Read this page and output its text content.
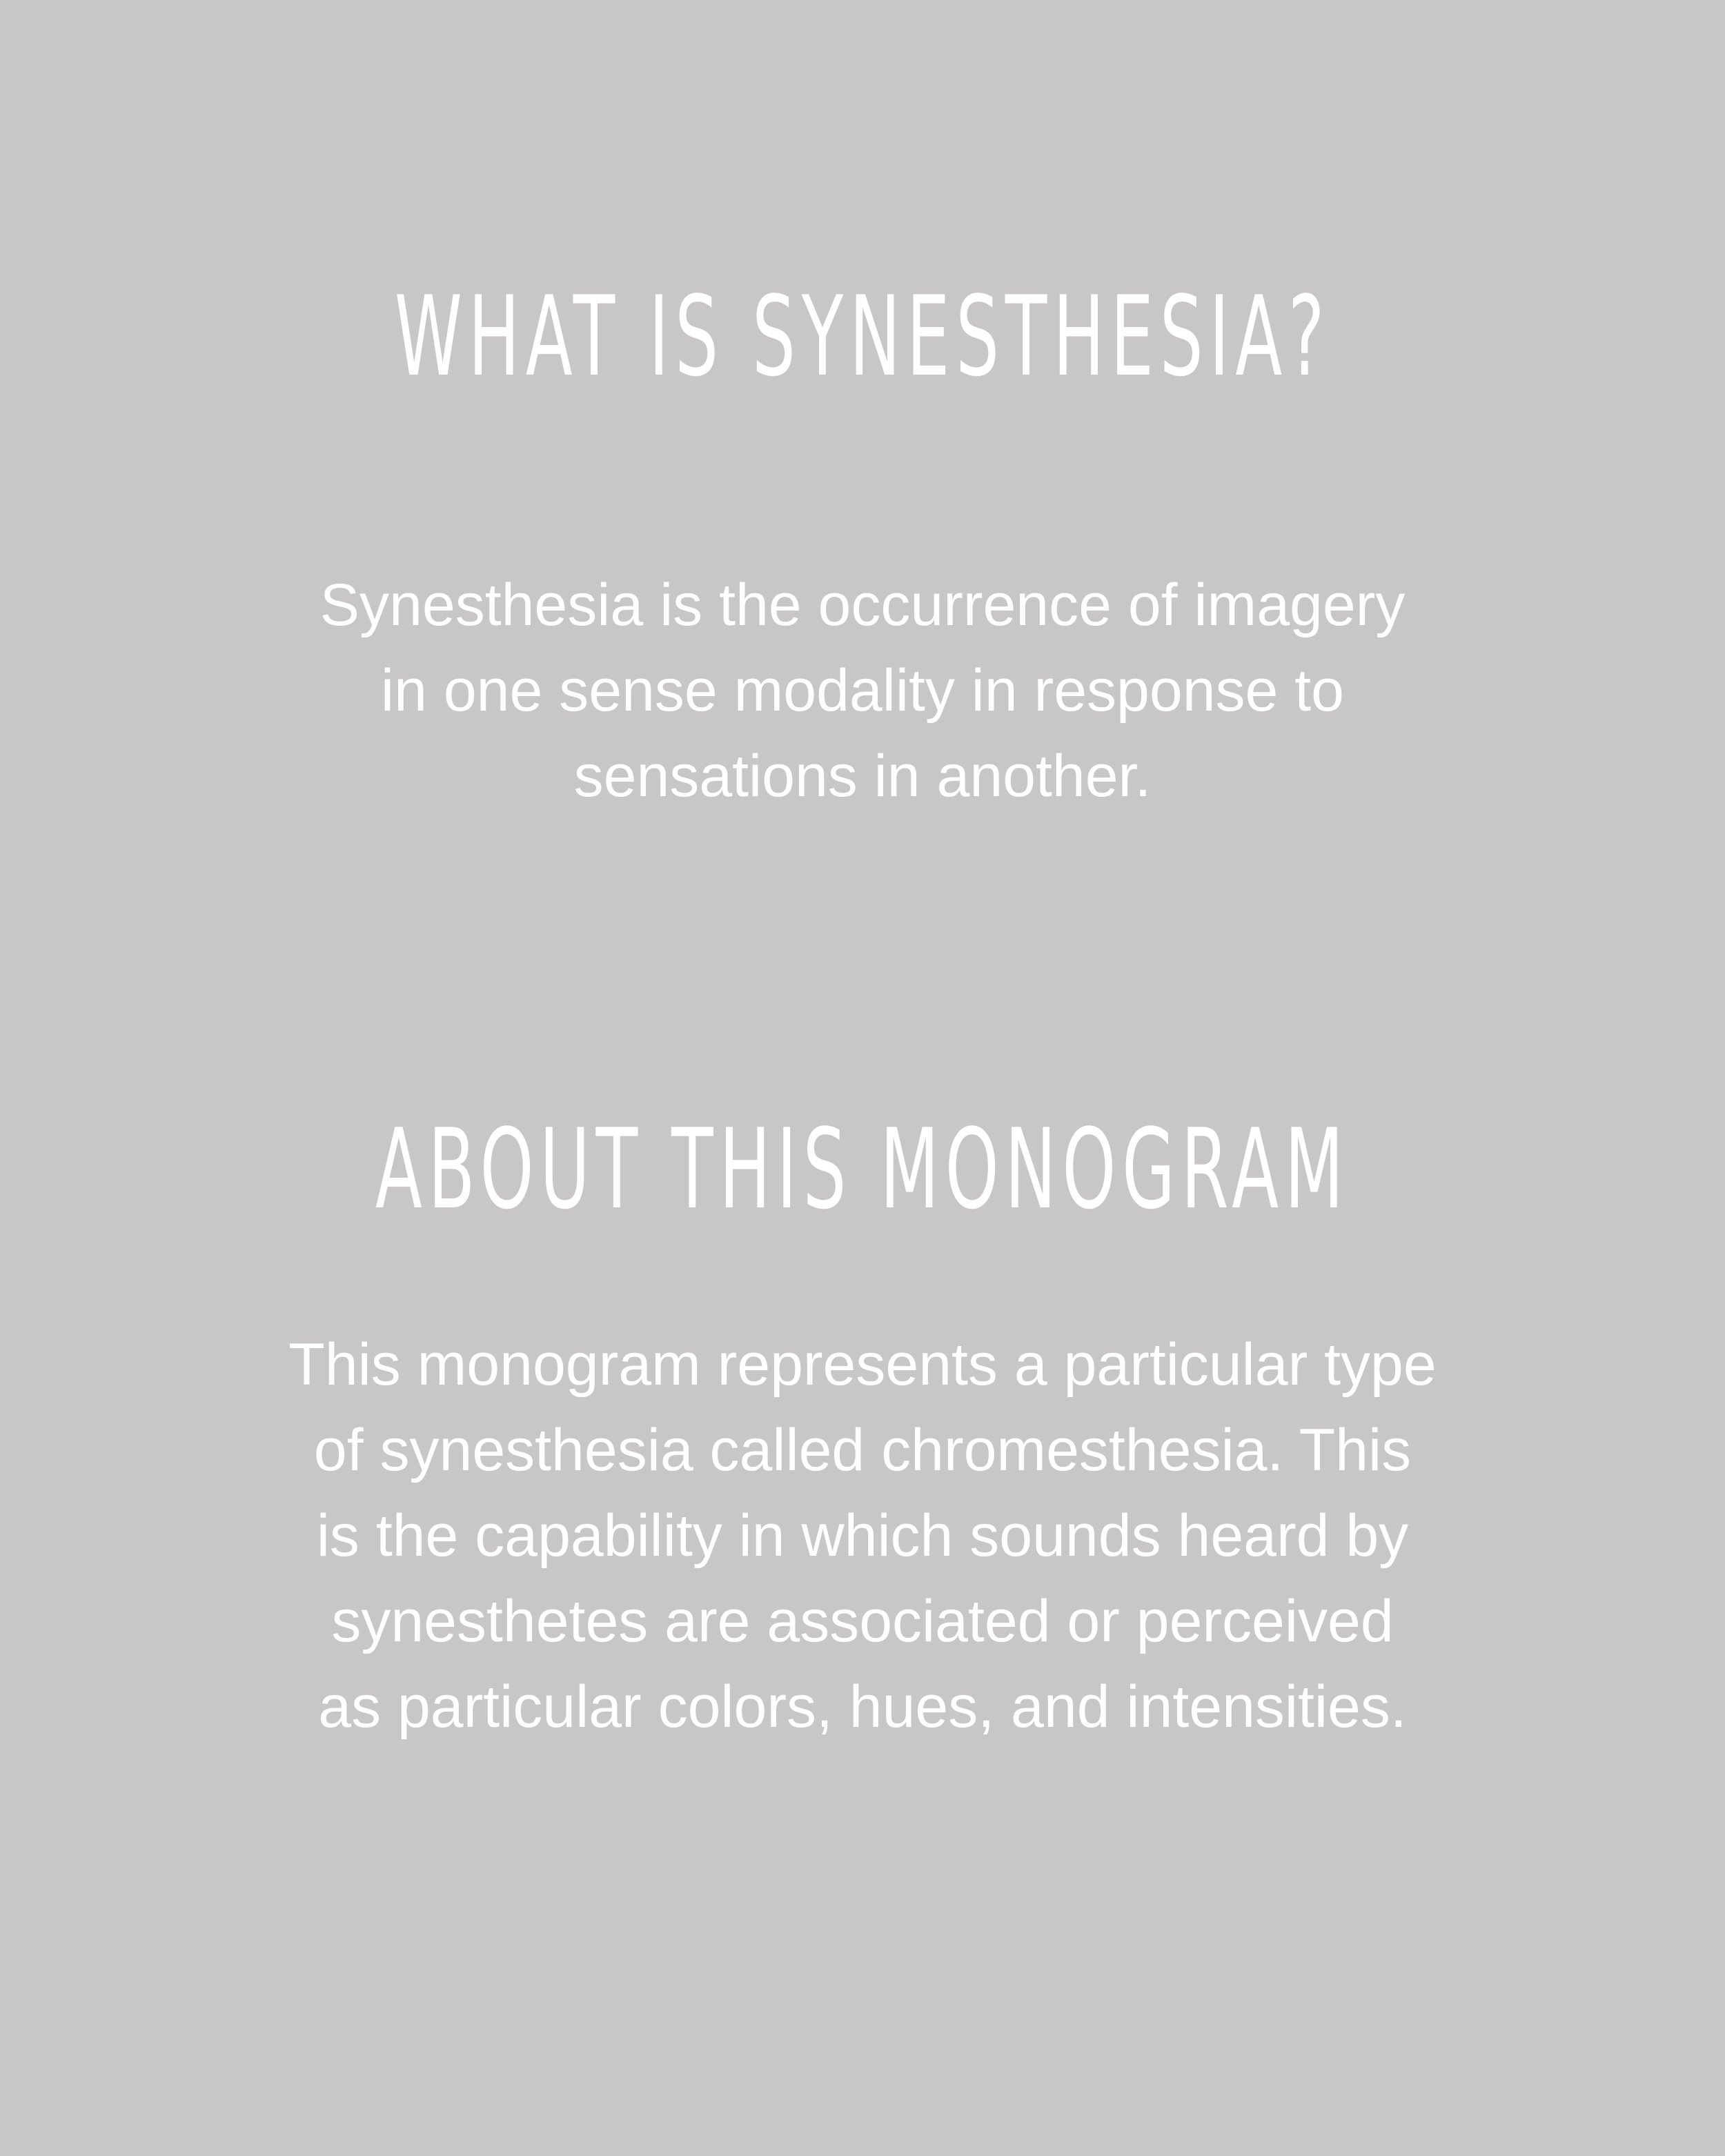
WHAT IS SYNESTHESIA?

Synesthesia is the occurrence of imagery
in one sense modality in response to
sensations in another.

ABOUT THIS MONOGRAM

This monogram represents a particular type
of synesthesia called chromesthesia. This
is the capability in which sounds heard by
synesthetes are associated or perceived
as particular colors, hues, and intensities.
